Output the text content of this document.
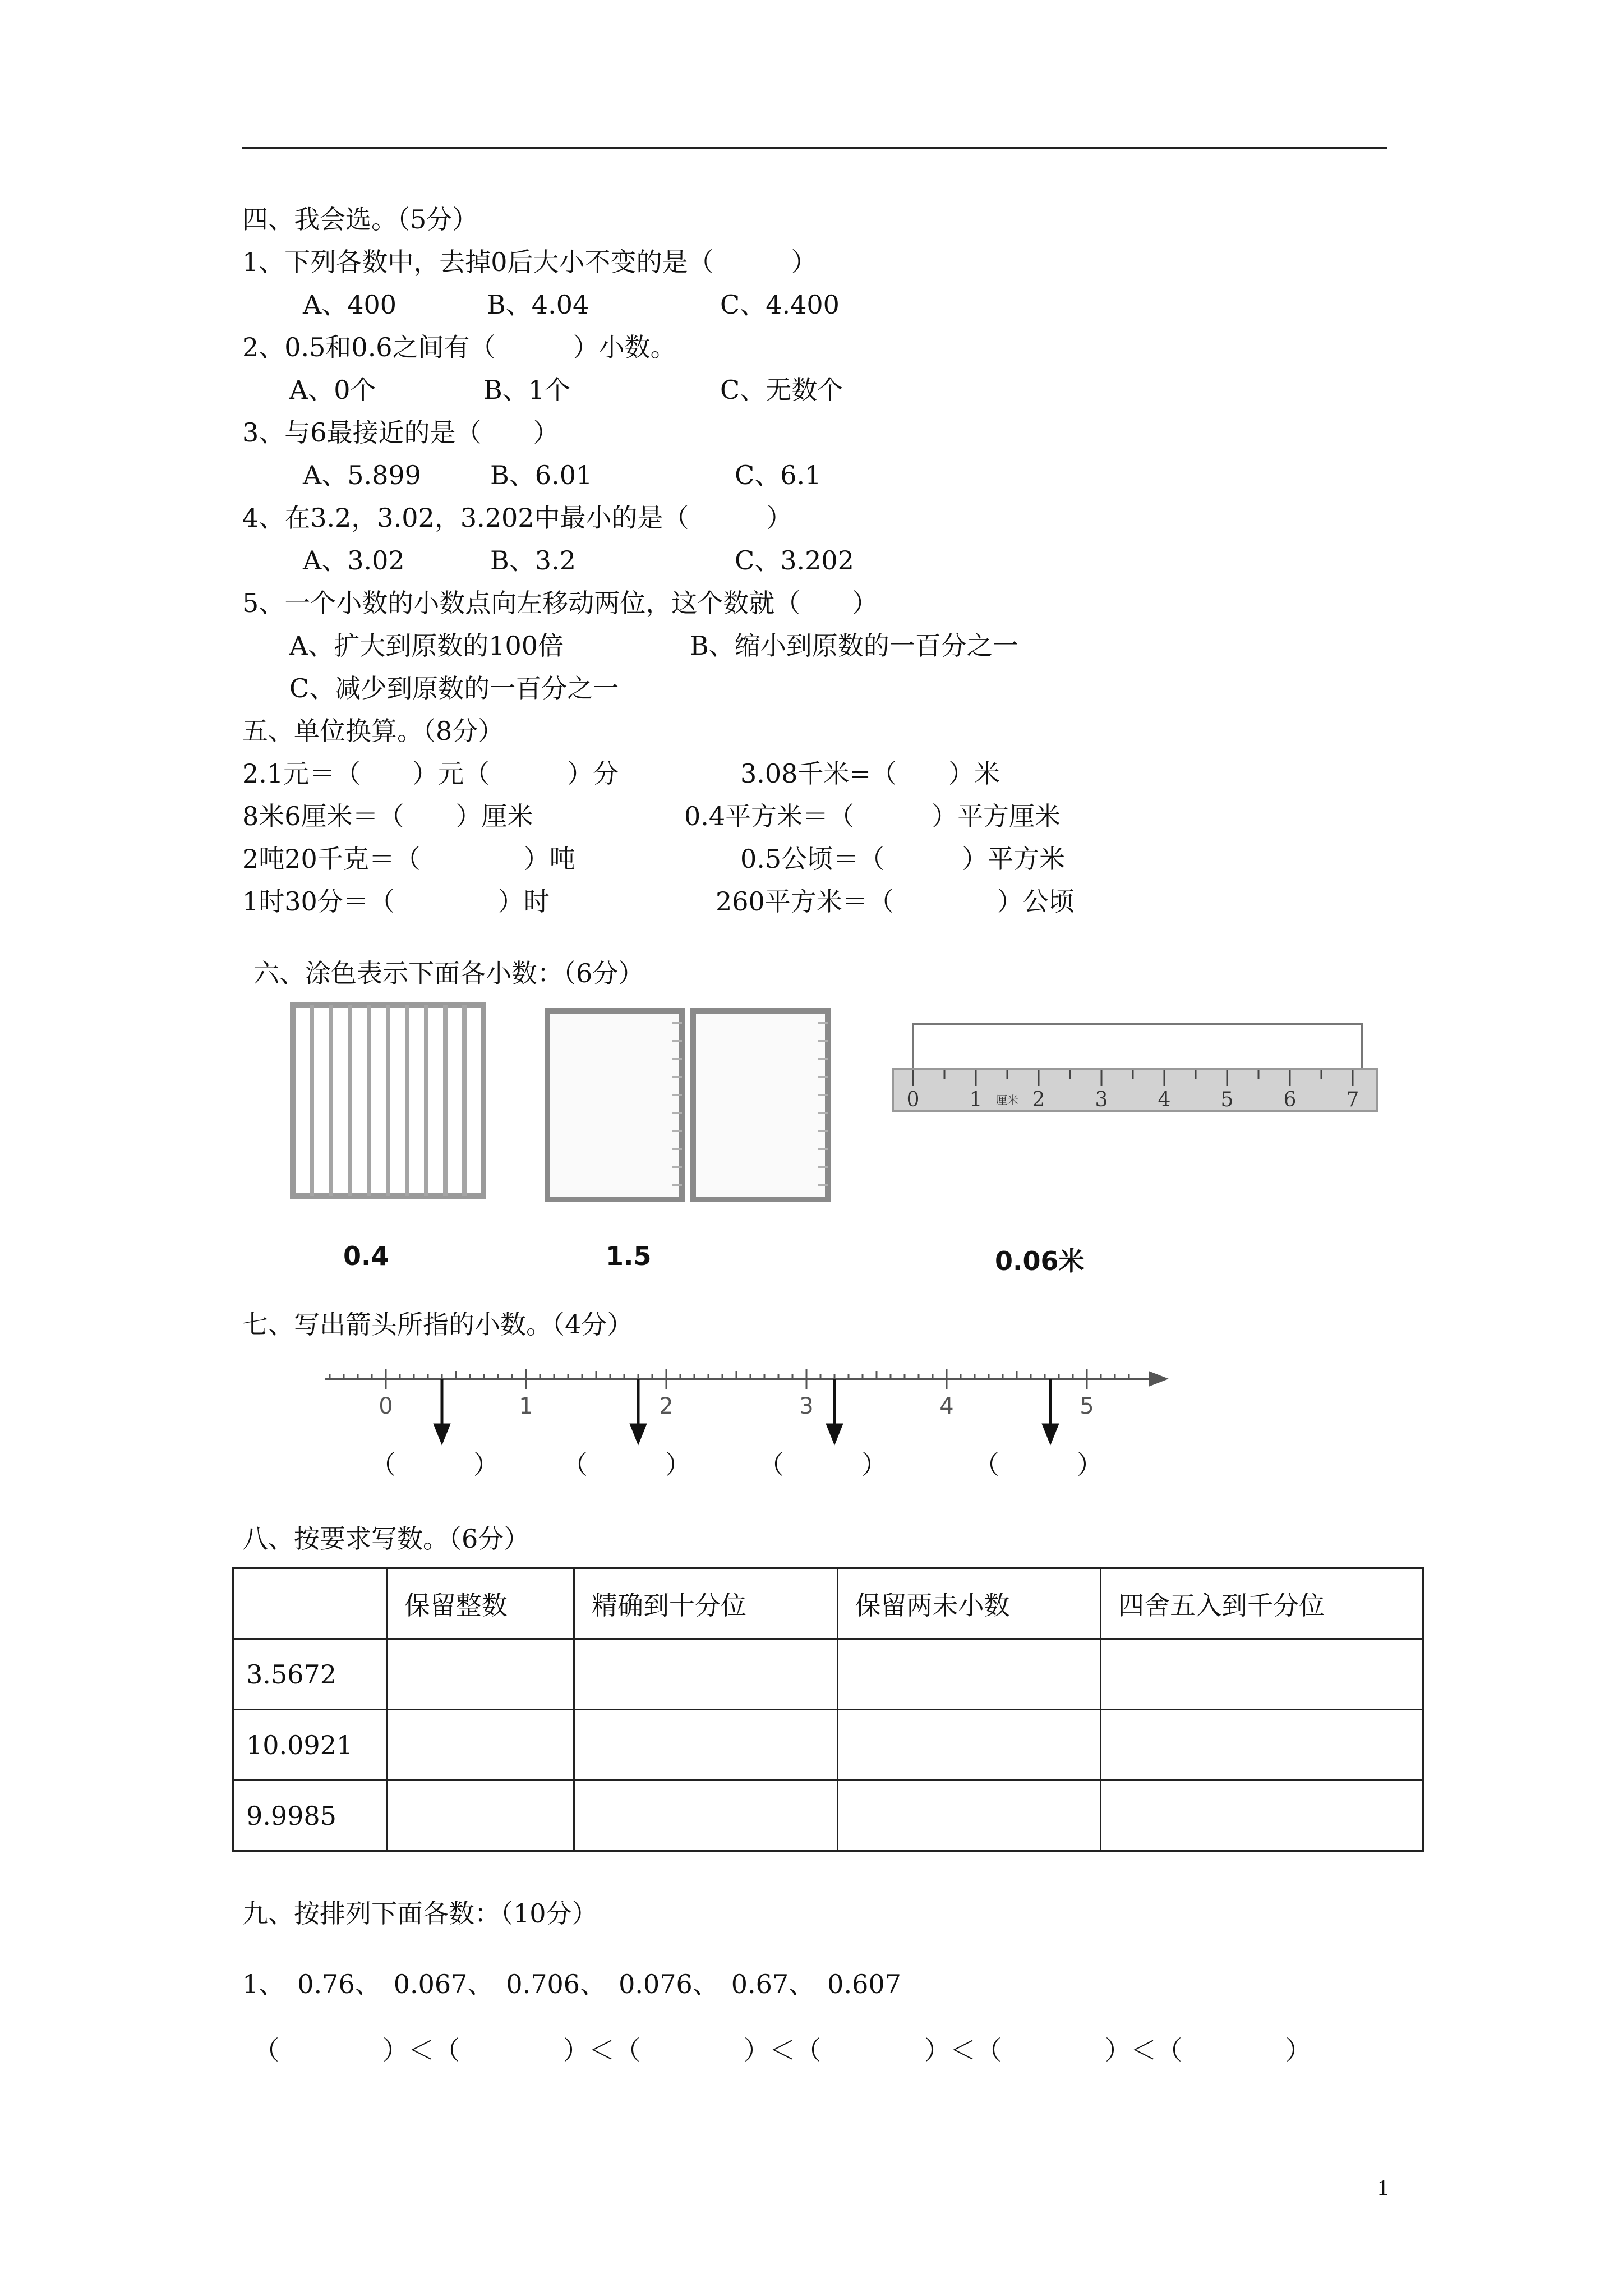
四、我会选。（5分）
1、下列各数中，去掉0后大小不变的是（　　　）
A、400	B、4.04	C、4.400
2、0.5和0.6之间有（　　　）小数。
A、0个	B、1个	C、无数个
3、与6最接近的是（　　）
A、5.899	B、6.01	C、6.1
4、在3.2，3.02，3.202中最小的是（　　　）
A、3.02	B、3.2	C、3.202
5、一个小数的小数点向左移动两位，这个数就（　　）
A、扩大到原数的100倍	B、缩小到原数的一百分之一
C、减少到原数的一百分之一
五、单位换算。（8分）
2.1元＝（　　）元（　　　）分	3.08千米=（　　）米
8米6厘米＝（　　）厘米	0.4平方米＝（　　　）平方厘米
2吨20千克＝（　　　　）吨	0.5公顷＝（　　　）平方米
1时30分＝（　　　　）时	260平方米＝（　　　　）公顷
六、涂色表示下面各小数：（6分）
0 1 2 3 4 5 6 7
厘米
0.4	1.5	0.06米
七、写出箭头所指的小数。（4分）
0	1	2	3	4	5
（　　　） （　　　）	（　　　）	（　　　）
八、按要求写数。（6分）
	保留整数	精确到十分位	保留两未小数	四舍五入到千分位
3.5672				
10.0921				
9.9985				
九、按排列下面各数：（10分）
1、　0.76、　0.067、　0.706、　0.076、　0.67、　0.607
（　　　　）＜（　　　　）＜（　　　　）＜（　　　　）＜（　　　　）＜（　　　　）
1
